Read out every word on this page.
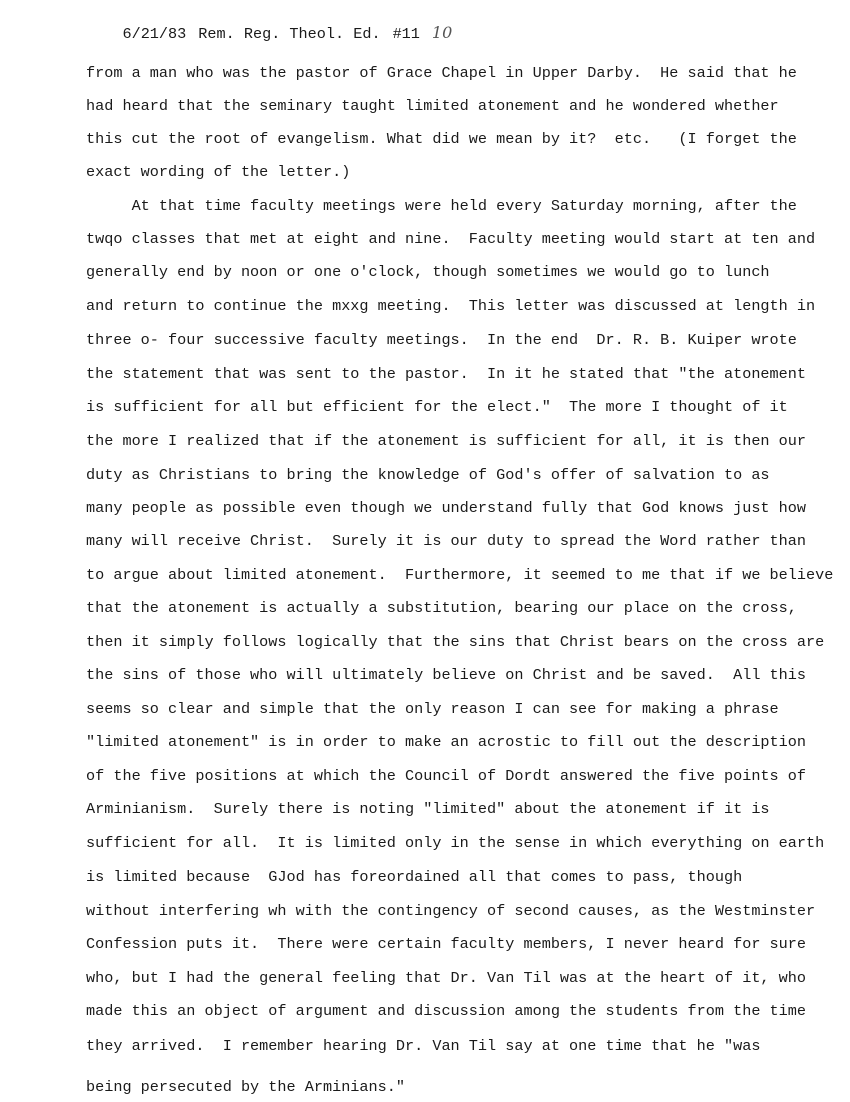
6/21/83 Rem. Reg. Theol. Ed. #11 10

from a man who was the pastor of Grace Chapel in Upper Darby.  He said that he
had heard that the seminary taught limited atonement and he wondered whether
this cut the root of evangelism. What did we mean by it?  etc.   (I forget the
exact wording of the letter.)
At that time faculty meetings were held every Saturday morning, after the
twqo classes that met at eight and nine.  Faculty meeting would start at ten and
generally end by noon or one o'clock, though sometimes we would go to lunch
and return to continue the mxxg meeting.  This letter was discussed at length in
three o- four successive faculty meetings.  In the end  Dr. R. B. Kuiper wrote
the statement that was sent to the pastor.  In it he stated that "the atonement
is sufficient for all but efficient for the elect."  The more I thought of it
the more I realized that if the atonement is sufficient for all, it is then our
duty as Christians to bring the knowledge of God's offer of salvation to as
many people as possible even though we understand fully that God knows just how
many will receive Christ.  Surely it is our duty to spread the Word rather than
to argue about limited atonement.  Furthermore, it seemed to me that if we believe
that the atonement is actually a substitution, bearing our place on the cross,
then it simply follows logically that the sins that Christ bears on the cross are
the sins of those who will ultimately believe on Christ and be saved.  All this
seems so clear and simple that the only reason I can see for making a phrase
"limited atonement" is in order to make an acrostic to fill out the description
of the five positions at which the Council of Dordt answered the five points of
Arminianism.  Surely there is noting "limited" about the atonement if it is
sufficient for all.  It is limited only in the sense in which everything on earth
is limited because  GJod has foreordained all that comes to pass, though
without interfering wh with the contingency of second causes, as the Westminster
Confession puts it.  There were certain faculty members, I never heard for sure
who, but I had the general feeling that Dr. Van Til was at the heart of it, who
made this an object of argument and discussion among the students from the time
they arrived.  I remember hearing Dr. Van Til say at one time that he "was
being persecuted by the Arminians."
